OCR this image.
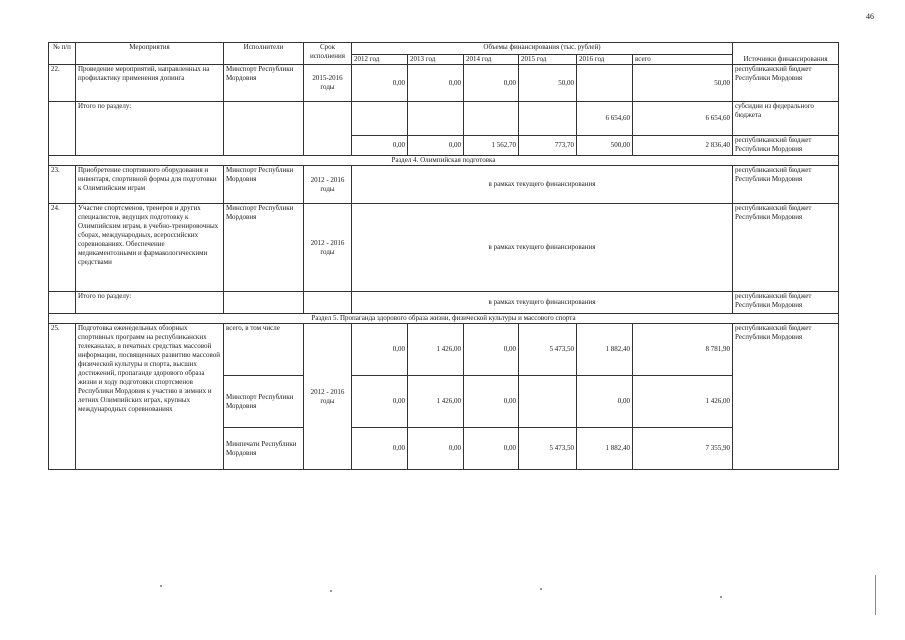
46
№ п/п	Мероприятия	Исполнители	Срок исполнения	Объемы финансирования (тыс. рублей)						Источники финансирования
				2012 год	2013 год	2014 год	2015 год	2016 год	всего	
22.	Проведение мероприятий, направленных на профилактику применения допинга	Минспорт Республики Мордовия	2015-2016 годы	0,00	0,00	0,00	50,00		50,00	республиканский бюджет Республики Мордовия
	Итого по разделу:							6 654,60	6 654,60	субсидии из федерального бюджета
				0,00	0,00	1 562,70	773,70	500,00	2 836,40	республиканский бюджет Республики Мордовия
Раздел 4. Олимпийская подготовка										
23.	Приобретение спортивного оборудования и инвентаря, спортивной формы для подготовки к Олимпийским играм	Минспорт Республики Мордовия	2012 - 2016 годы	в рамках текущего финансирования						республиканский бюджет Республики Мордовия
24.	Участие спортсменов, тренеров и других специалистов, ведущих подготовку к Олимпийским играм, в учебно-тренировочных сборах, международных, всероссийских соревнованиях. Обеспечение медикаментозными и фармакологическими средствами	Минспорт Республики Мордовия	2012 - 2016 годы	в рамках текущего финансирования						республиканский бюджет Республики Мордовия
	Итого по разделу:			в рамках текущего финансирования						республиканский бюджет Республики Мордовия
Раздел 5. Пропаганда здорового образа жизни, физической культуры и массового спорта										
25.	Подготовка еженедельных обзорных спортивных программ на республиканских телеканалах, в печатных средствах массовой информации, посвященных развитию массовой физической культуры и спорта, высших достижений, пропаганде здорового образа жизни и ходу подготовки спортсменов Республики Мордовия к участию в зимних и летних Олимпийских играх, крупных международных соревнованиях	всего, в том числе	2012 - 2016 годы	0,00	1 426,00	0,00	5 473,50	1 882,40	8 781,90	республиканский бюджет Республики Мордовия
		Минспорт Республики Мордовия		0,00	1 426,00	0,00		0,00	1 426,00	
		Минпечати Республики Мордовия		0,00	0,00	0,00	5 473,50	1 882,40	7 355,90	
